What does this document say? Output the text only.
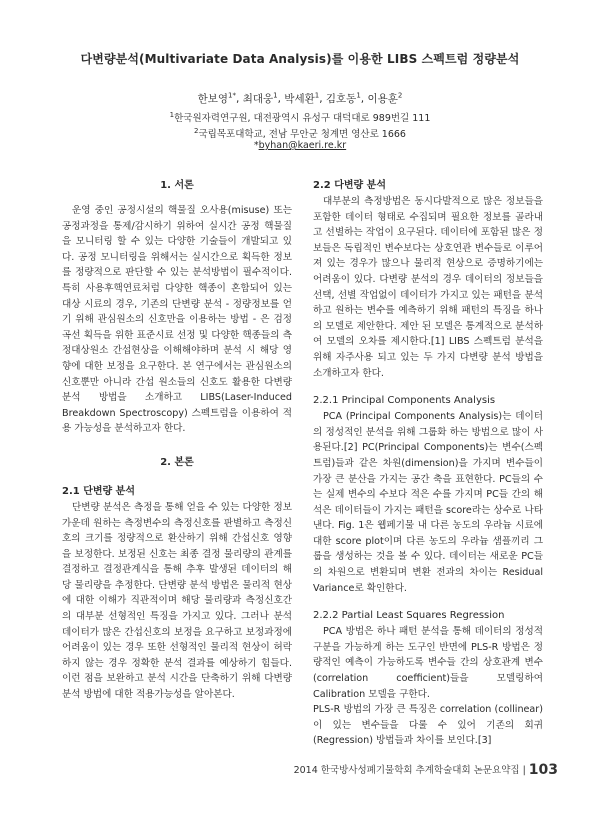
다변량분석(Multivariate Data Analysis)를 이용한 LIBS 스펙트럼 정량분석
한보영$^{1*}$, 최대웅$^1$, 박세환$^1$, 김호동$^1$, 이용훈$^2$
$^1$한국원자력연구원, 대전광역시 유성구 대덕대로 989번길 111
$^2$국립목포대학교, 전남 무안군 청계면 영산로 1666
*byhan@kaeri.re.kr
1. 서론

운영 중인 공정시설의 핵물질 오사용(misuse) 또는 공정과정을 통제/감시하기 위하여 실시간 공정 핵물질을 모니터링 할 수 있는 다양한 기술들이 개발되고 있다. 공정 모니터링을 위해서는 실시간으로 획득한 정보를 정량적으로 판단할 수 있는 분석방법이 필수적이다. 특히 사용후핵연료처럼 다양한 핵종이 혼합되어 있는 대상 시료의 경우, 기존의 단변량 분석 - 정량정보를 얻기 위해 관심원소의 신호만을 이용하는 방법 - 은 검정곡선 획득을 위한 표준시료 선정 및 다양한 핵종들의 측정대상원소 간섭현상을 이해해야하며 분석 시 해당 영향에 대한 보정을 요구한다. 본 연구에서는 관심원소의 신호뿐만 아니라 간섭 원소들의 신호도 활용한 다변량분석 방법을 소개하고 LIBS(Laser-Induced Breakdown Spectroscopy) 스펙트럼을 이용하여 적용 가능성을 분석하고자 한다.

2. 본론
2.1 단변량 분석

단변량 분석은 측정을 통해 얻을 수 있는 다양한 정보 가운데 원하는 측정변수의 측정신호를 판별하고 측정신호의 크기를 정량적으로 환산하기 위해 간섭신호 영향을 보정한다. 보정된 신호는 최종 결정 물리량의 관계를 결정하고 결정관계식을 통해 추후 발생된 데이터의 해당 물리량을 추정한다. 단변량 분석 방법은 물리적 현상에 대한 이해가 직관적이며 해당 물리량과 측정신호간의 대부분 선형적인 특징을 가지고 있다. 그러나 분석 데이터가 많은 간섭신호의 보정을 요구하고 보정과정에 어려움이 있는 경우 또한 선형적인 물리적 현상이 허락하지 않는 경우 정확한 분석 결과를 예상하기 힘들다. 이런 점을 보완하고 분석 시간을 단축하기 위해 다변량 분석 방법에 대한 적용가능성을 알아본다.

2.2 다변량 분석

대부분의 측정방법은 동시다발적으로 많은 정보들을 포함한 데이터 형태로 수집되며 필요한 정보를 골라내고 선별하는 작업이 요구된다. 데이터에 포함된 많은 정보들은 독립적인 변수보다는 상호연관 변수들로 이루어져 있는 경우가 많으나 물리적 현상으로 증명하기에는 어려움이 있다. 다변량 분석의 경우 데이터의 정보들을 선택, 선별 작업없이 데이터가 가지고 있는 패턴을 분석하고 원하는 변수를 예측하기 위해 패턴의 특징을 하나의 모델로 제안한다. 제안 된 모델은 통계적으로 분석하여 모델의 오차를 제시한다.[1] LIBS 스펙트럼 분석을 위해 자주사용 되고 있는 두 가지 다변량 분석 방법을 소개하고자 한다.

2.2.1 Principal Components Analysis

PCA (Principal Components Analysis)는 데이터의 정성적인 분석을 위해 그룹화 하는 방법으로 많이 사용된다.[2] PC(Principal Components)는 변수(스펙트럼)들과 같은 차원(dimension)을 가지며 변수들이 가장 큰 분산을 가지는 공간 축을 표현한다. PC들의 수는 실제 변수의 수보다 적은 수를 가지며 PC들 간의 해석은 데이터들이 가지는 패턴을 score라는 상수로 나타낸다. Fig. 1은 웹페기물 내 다른 농도의 우라늄 시료에 대한 score plot이며 다른 농도의 우라늄 샘플끼리 그룹을 생성하는 것을 볼 수 있다. 데이터는 새로운 PC들의 차원으로 변환되며 변환 전과의 차이는 Residual Variance로 확인한다.

2.2.2 Partial Least Squares Regression

PCA 방법은 하나 패턴 분석을 통해 데이터의 정성적 구분을 가능하게 하는 도구인 반면에 PLS-R 방법은 정량적인 예측이 가능하도록 변수들 간의 상호관계 변수(correlation coefficient)들을 모델링하여 Calibration 모델을 구한다.

PLS-R 방법의 가장 큰 특징은 correlation (collinear) 이 있는 변수들을 다룰 수 있어 기존의 회귀(Regression) 방법들과 차이를 보인다.[3]

2014 한국방사성폐기물학회 추계학술대회 논문요약집 | 103
